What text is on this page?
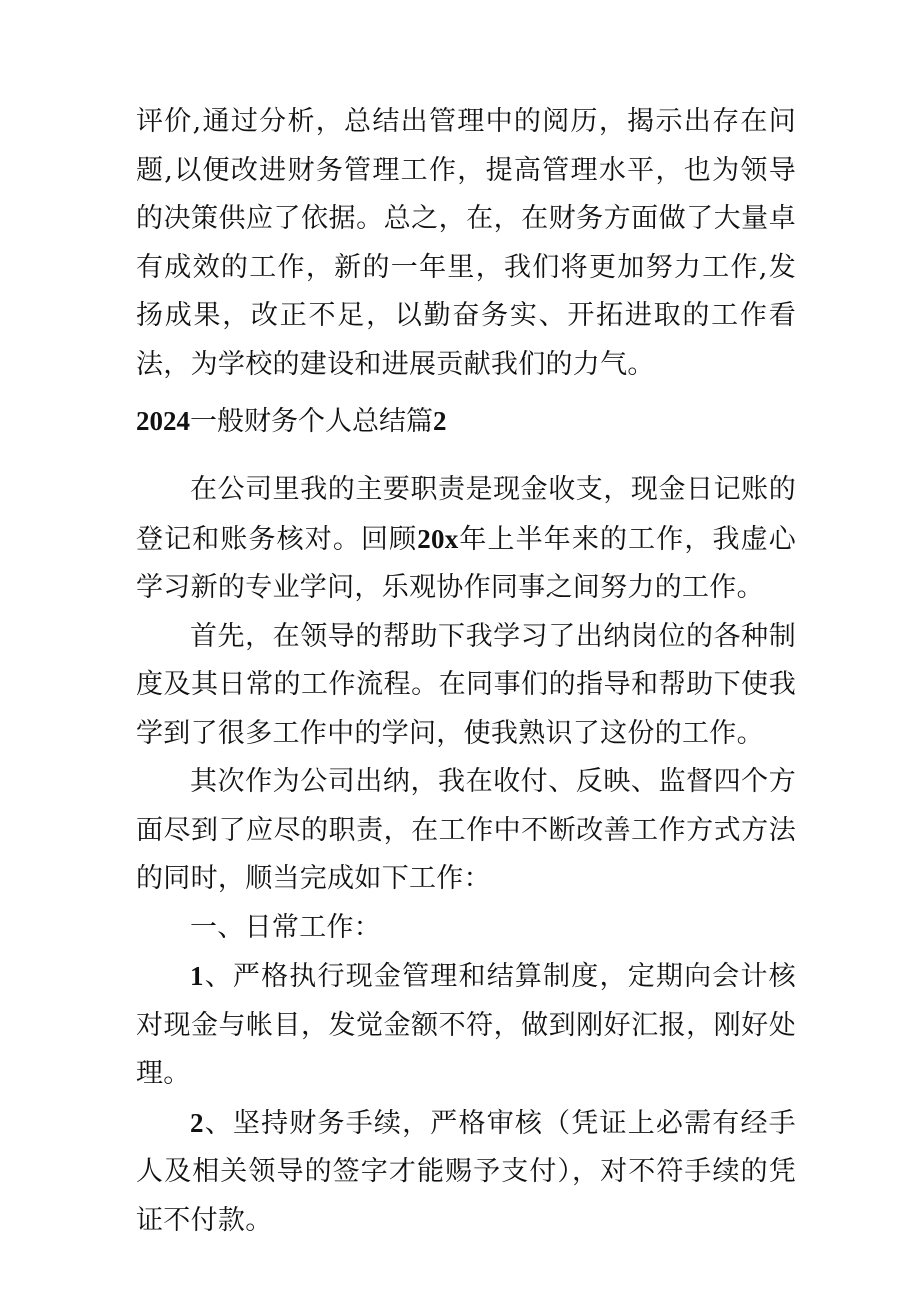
评价,通过分析，总结出管理中的阅历，揭示出存在问题,以便改进财务管理工作，提高管理水平，也为领导的决策供应了依据。总之，在，在财务方面做了大量卓有成效的工作，新的一年里，我们将更加努力工作,发扬成果，改正不足，以勤奋务实、开拓进取的工作看法，为学校的建设和进展贡献我们的力气。

2024一般财务个人总结篇2

在公司里我的主要职责是现金收支，现金日记账的登记和账务核对。回顾20x年上半年来的工作，我虚心学习新的专业学问，乐观协作同事之间努力的工作。

首先，在领导的帮助下我学习了出纳岗位的各种制度及其日常的工作流程。在同事们的指导和帮助下使我学到了很多工作中的学问，使我熟识了这份的工作。

其次作为公司出纳，我在收付、反映、监督四个方面尽到了应尽的职责，在工作中不断改善工作方式方法的同时，顺当完成如下工作：

一、日常工作：

1、严格执行现金管理和结算制度，定期向会计核对现金与帐目，发觉金额不符，做到刚好汇报，刚好处理。

2、坚持财务手续，严格审核（凭证上必需有经手人及相关领导的签字才能赐予支付），对不符手续的凭证不付款。
